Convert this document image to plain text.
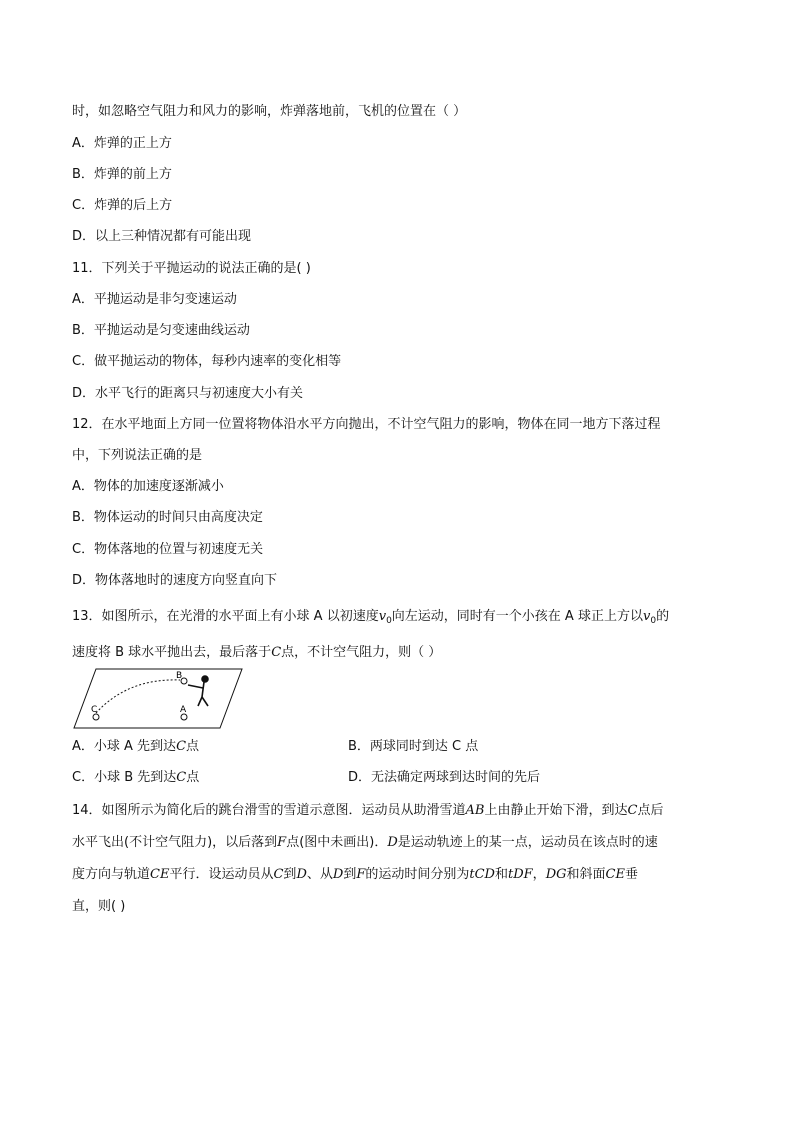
时，如忽略空气阻力和风力的影响，炸弹落地前，飞机的位置在（ ）
A．炸弹的正上方
B．炸弹的前上方
C．炸弹的后上方
D．以上三种情况都有可能出现
11．下列关于平抛运动的说法正确的是( )
A．平抛运动是非匀变速运动
B．平抛运动是匀变速曲线运动
C．做平抛运动的物体，每秒内速率的变化相等
D．水平飞行的距离只与初速度大小有关
12．在水平地面上方同一位置将物体沿水平方向抛出，不计空气阻力的影响，物体在同一地方下落过程
中，下列说法正确的是
A．物体的加速度逐渐减小
B．物体运动的时间只由高度决定
C．物体落地的位置与初速度无关
D．物体落地时的速度方向竖直向下
13．如图所示，在光滑的水平面上有小球 A 以初速度$v_0$向左运动，同时有一个小孩在 A 球正上方以$v_0$的
速度将 B 球水平抛出去，最后落于C点，不计空气阻力，则（ ）
B
C	A
A．小球 A 先到达C点	B．两球同时到达 C 点
C．小球 B 先到达C点	D．无法确定两球到达时间的先后
14．如图所示为简化后的跳台滑雪的雪道示意图．运动员从助滑雪道AB上由静止开始下滑，到达C点后
水平飞出(不计空气阻力)，以后落到F点(图中未画出)．D是运动轨迹上的某一点，运动员在该点时的速
度方向与轨道CE平行．设运动员从C到D、从D到F的运动时间分别为tCD和tDF，DG和斜面CE垂
直，则( )
